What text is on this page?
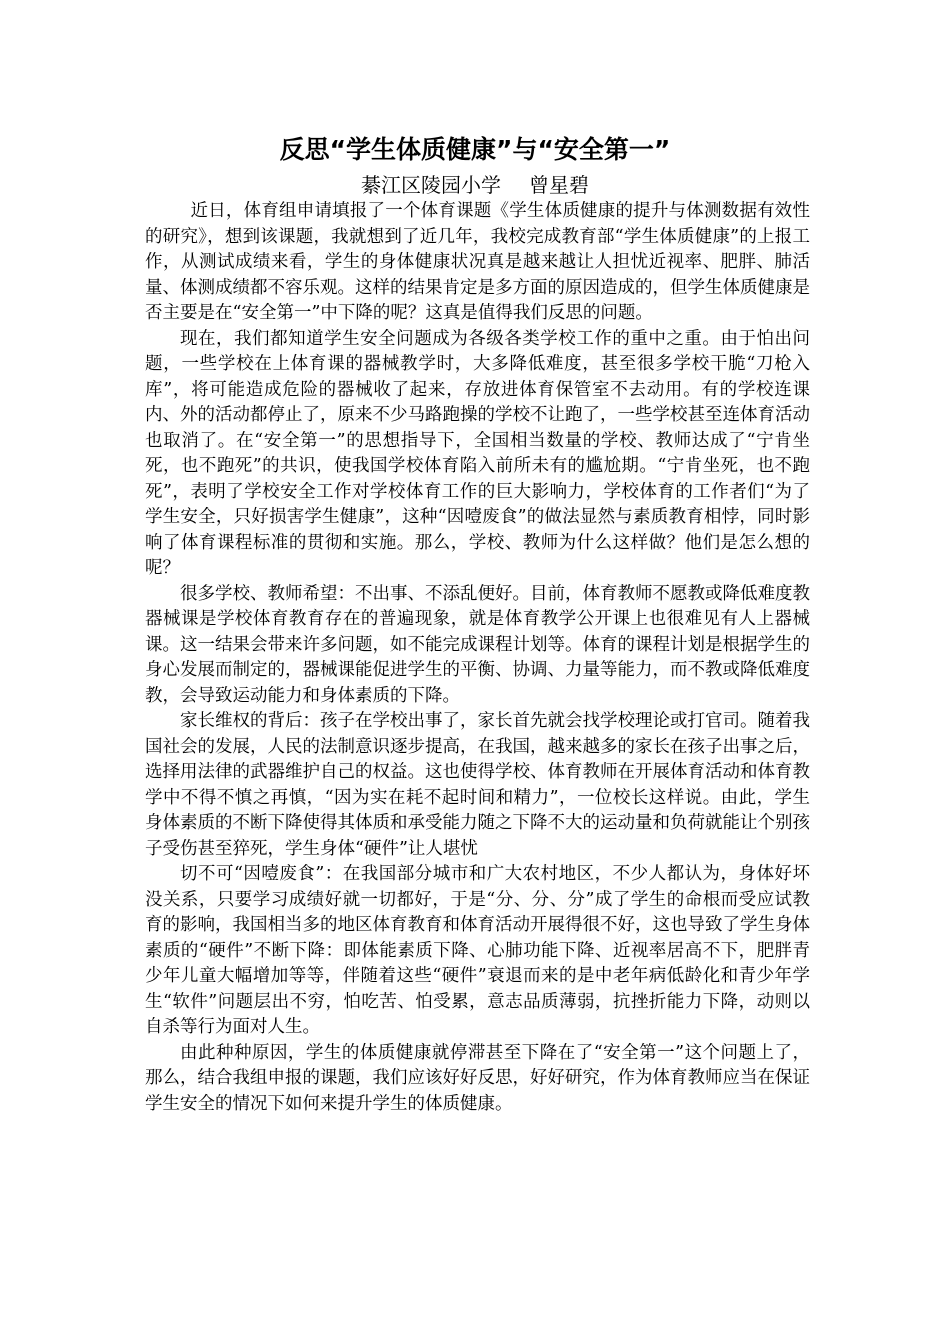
反思“学生体质健康”与“安全第一”
綦江区陵园小学 曾星碧

近日，体育组申请填报了一个体育课题《学生体质健康的提升与体测数据有效性的研究》，想到该课题，我就想到了近几年，我校完成教育部“学生体质健康”的上报工作，从测试成绩来看，学生的身体健康状况真是越来越让人担忧近视率、肥胖、肺活量、体测成绩都不容乐观。这样的结果肯定是多方面的原因造成的，但学生体质健康是否主要是在“安全第一”中下降的呢？这真是值得我们反思的问题。

现在，我们都知道学生安全问题成为各级各类学校工作的重中之重。由于怕出问题，一些学校在上体育课的器械教学时，大多降低难度，甚至很多学校干脆“刀枪入库”，将可能造成危险的器械收了起来，存放进体育保管室不去动用。有的学校连课内、外的活动都停止了，原来不少马路跑操的学校不让跑了，一些学校甚至连体育活动也取消了。在“安全第一”的思想指导下，全国相当数量的学校、教师达成了“宁肯坐死，也不跑死”的共识，使我国学校体育陷入前所未有的尴尬期。“宁肯坐死，也不跑死”，表明了学校安全工作对学校体育工作的巨大影响力，学校体育的工作者们“为了学生安全，只好损害学生健康”，这种“因噎废食”的做法显然与素质教育相悖，同时影响了体育课程标准的贯彻和实施。那么，学校、教师为什么这样做？他们是怎么想的呢？

很多学校、教师希望：不出事、不添乱便好。目前，体育教师不愿教或降低难度教器械课是学校体育教育存在的普遍现象，就是体育教学公开课上也很难见有人上器械课。这一结果会带来许多问题，如不能完成课程计划等。体育的课程计划是根据学生的身心发展而制定的，器械课能促进学生的平衡、协调、力量等能力，而不教或降低难度教，会导致运动能力和身体素质的下降。

家长维权的背后：孩子在学校出事了，家长首先就会找学校理论或打官司。随着我国社会的发展，人民的法制意识逐步提高，在我国，越来越多的家长在孩子出事之后，选择用法律的武器维护自己的权益。这也使得学校、体育教师在开展体育活动和体育教学中不得不慎之再慎，“因为实在耗不起时间和精力”，一位校长这样说。由此，学生身体素质的不断下降使得其体质和承受能力随之下降不大的运动量和负荷就能让个别孩子受伤甚至猝死，学生身体“硬件”让人堪忧

切不可“因噎废食”：在我国部分城市和广大农村地区，不少人都认为，身体好坏没关系，只要学习成绩好就一切都好，于是“分、分、分”成了学生的命根而受应试教育的影响，我国相当多的地区体育教育和体育活动开展得很不好，这也导致了学生身体素质的“硬件”不断下降：即体能素质下降、心肺功能下降、近视率居高不下，肥胖青少年儿童大幅增加等等，伴随着这些“硬件”衰退而来的是中老年病低龄化和青少年学生“软件”问题层出不穷，怕吃苦、怕受累，意志品质薄弱，抗挫折能力下降，动则以自杀等行为面对人生。

由此种种原因，学生的体质健康就停滞甚至下降在了“安全第一”这个问题上了，那么，结合我组申报的课题，我们应该好好反思，好好研究，作为体育教师应当在保证学生安全的情况下如何来提升学生的体质健康。
